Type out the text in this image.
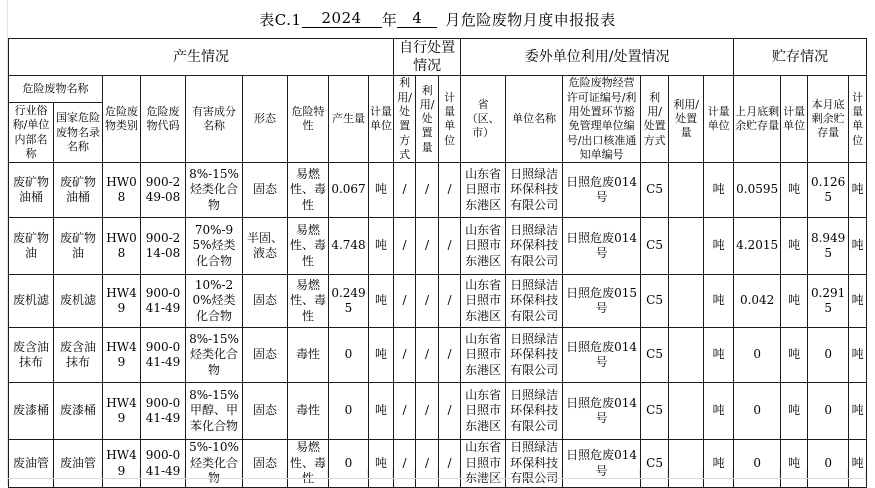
表C.1	2024	年	4	月危险废物月度申报报表
产生情况									自行处置情况			委外单位利用/处置情况						贮存情况			
危险废物名称		危险废物类别	危险废物代码	有害成分名称	形态	危险特性	产生量	计量单位	利用/处置方式	利用/处置量	计量单位	省（区、市）	单位名称	危险废物经营许可证编号/利用处置环节豁免管理单位编号/出口核准通知单编号	利用/处置方式	利用/处置量	计量单位	上月底剩余贮存量	计量单位	本月底剩余贮存量	计量单位
行业俗称/单位内部名称	国家危险废物名录名称																				
废矿物油桶	废矿物油桶	HW08	900-249-08	8%-15%烃类化合物	固态	易燃性、毒性	0.067	吨	/	/	/	山东省日照市东港区	日照绿洁环保科技有限公司	日照危废014号	C5		吨	0.0595	吨	0.1265	吨
废矿物油	废矿物油	HW08	900-214-08	70%-95%烃类化合物	半固、液态	易燃性、毒性	4.748	吨	/	/	/	山东省日照市东港区	日照绿洁环保科技有限公司	日照危废014号	C5		吨	4.2015	吨	8.9495	吨
废机滤	废机滤	HW49	900-041-49	10%-20%烃类化合物	固态	易燃性、毒性	0.2495	吨	/	/	/	山东省日照市东港区	日照绿洁环保科技有限公司	日照危废015号	C5		吨	0.042	吨	0.2915	吨
废含油抹布	废含油抹布	HW49	900-041-49	8%-15%烃类化合物	固态	毒性	0	吨	/	/	/	山东省日照市东港区	日照绿洁环保科技有限公司	日照危废014号	C5		吨	0	吨	0	吨
废漆桶	废漆桶	HW49	900-041-49	8%-15%甲醇、甲苯化合物	固态	毒性	0	吨	/	/	/	山东省日照市东港区	日照绿洁环保科技有限公司	日照危废014号	C5		吨	0	吨	0	吨
废油管	废油管	HW49	900-041-49	5%-10%烃类化合物	固态	易燃性、毒性	0	吨	/	/	/	山东省日照市东港区	日照绿洁环保科技有限公司	日照危废014号	C5		吨	0	吨	0	吨
